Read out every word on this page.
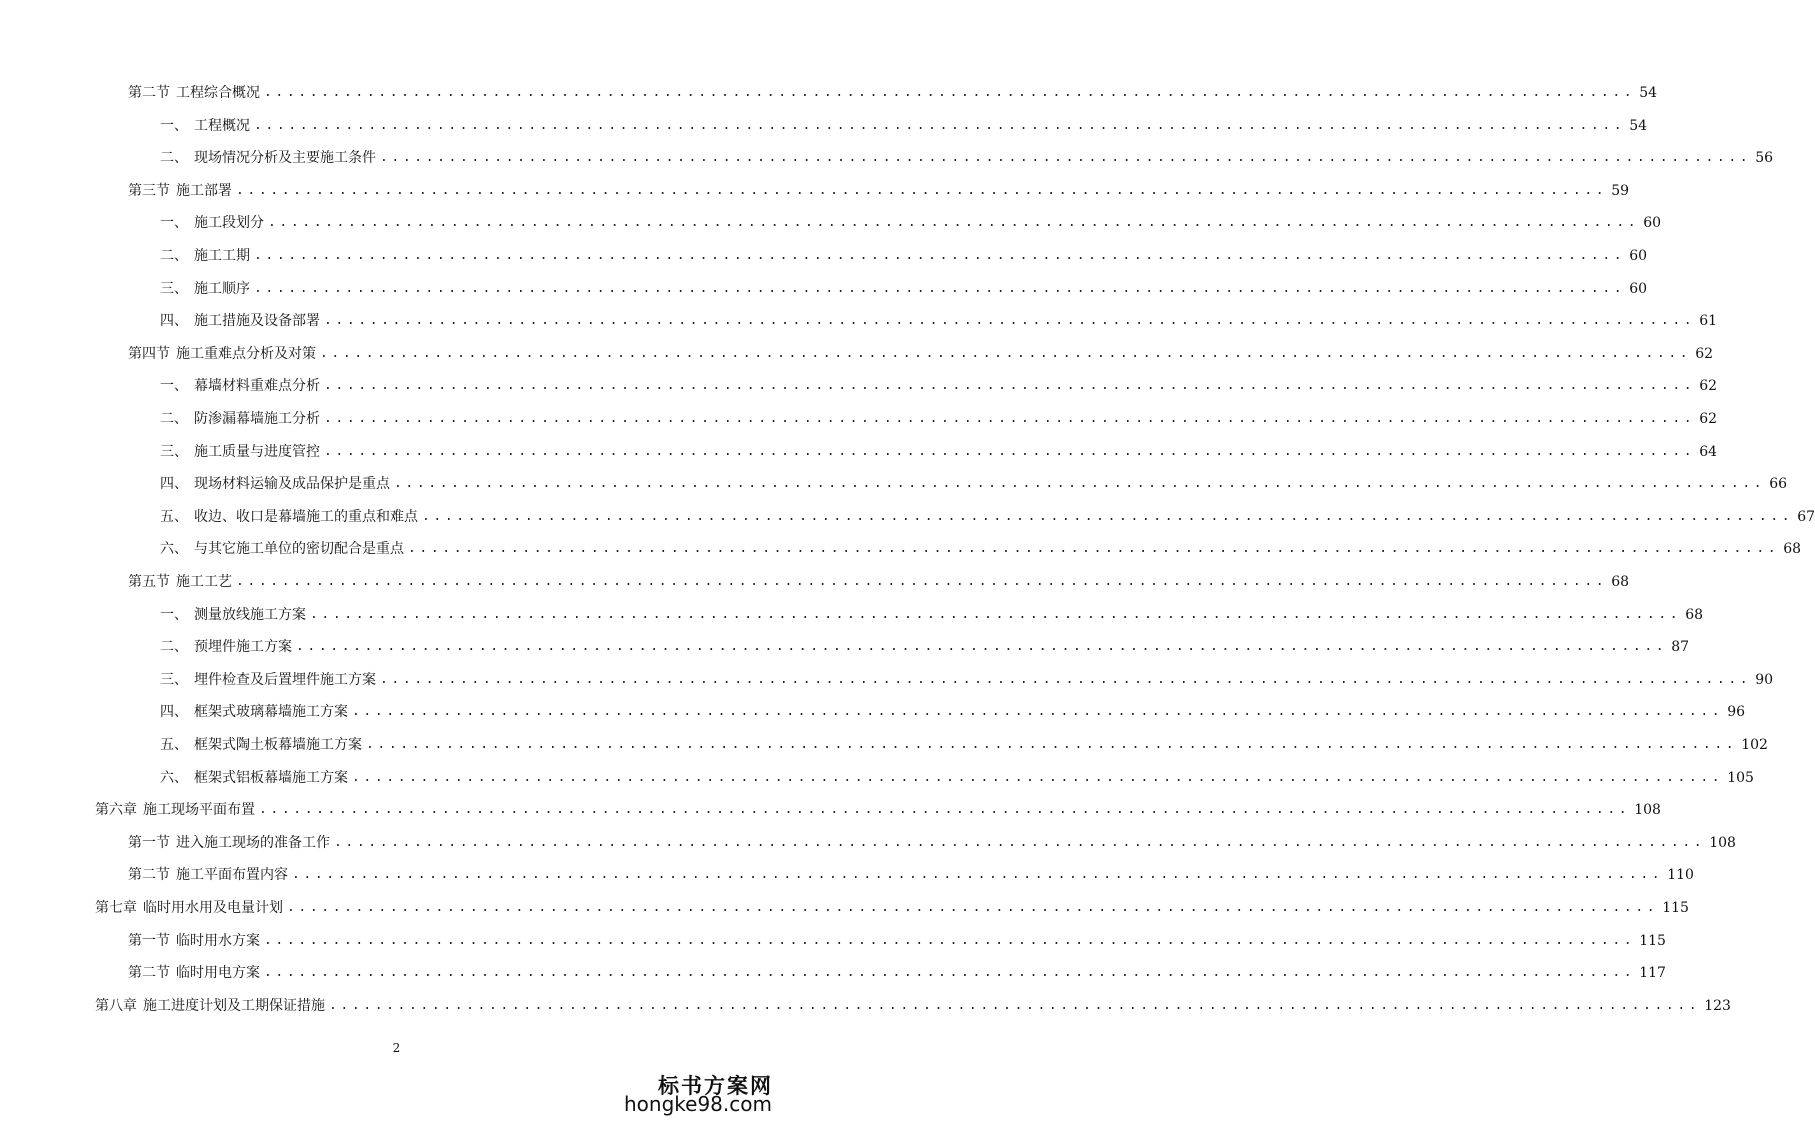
第二节 工程综合概况 ........................................................................................................................ 54
一、 工程概况 ........................................................................................................................ 54
二、 现场情况分析及主要施工条件 ........................................................................................................................ 56
第三节 施工部署 ........................................................................................................................ 59
一、 施工段划分 ........................................................................................................................ 60
二、 施工工期 ........................................................................................................................ 60
三、 施工顺序 ........................................................................................................................ 60
四、 施工措施及设备部署 ........................................................................................................................ 61
第四节 施工重难点分析及对策 ........................................................................................................................ 62
一、 幕墙材料重难点分析 ........................................................................................................................ 62
二、 防渗漏幕墙施工分析 ........................................................................................................................ 62
三、 施工质量与进度管控 ........................................................................................................................ 64
四、 现场材料运输及成品保护是重点 ........................................................................................................................ 66
五、 收边、收口是幕墙施工的重点和难点 ........................................................................................................................ 67
六、 与其它施工单位的密切配合是重点 ........................................................................................................................ 68
第五节 施工工艺 ........................................................................................................................ 68
一、 测量放线施工方案 ........................................................................................................................ 68
二、 预埋件施工方案 ........................................................................................................................ 87
三、 埋件检查及后置埋件施工方案 ........................................................................................................................ 90
四、 框架式玻璃幕墙施工方案 ........................................................................................................................ 96
五、 框架式陶土板幕墙施工方案 ........................................................................................................................ 102
六、 框架式铝板幕墙施工方案 ........................................................................................................................ 105
第六章 施工现场平面布置 ........................................................................................................................ 108
第一节 进入施工现场的准备工作 ........................................................................................................................ 108
第二节 施工平面布置内容 ........................................................................................................................ 110
第七章 临时用水用及电量计划 ........................................................................................................................ 115
第一节 临时用水方案 ........................................................................................................................ 115
第二节 临时用电方案 ........................................................................................................................ 117
第八章 施工进度计划及工期保证措施 ........................................................................................................................ 123
2
标书方案网
hongke98.com
